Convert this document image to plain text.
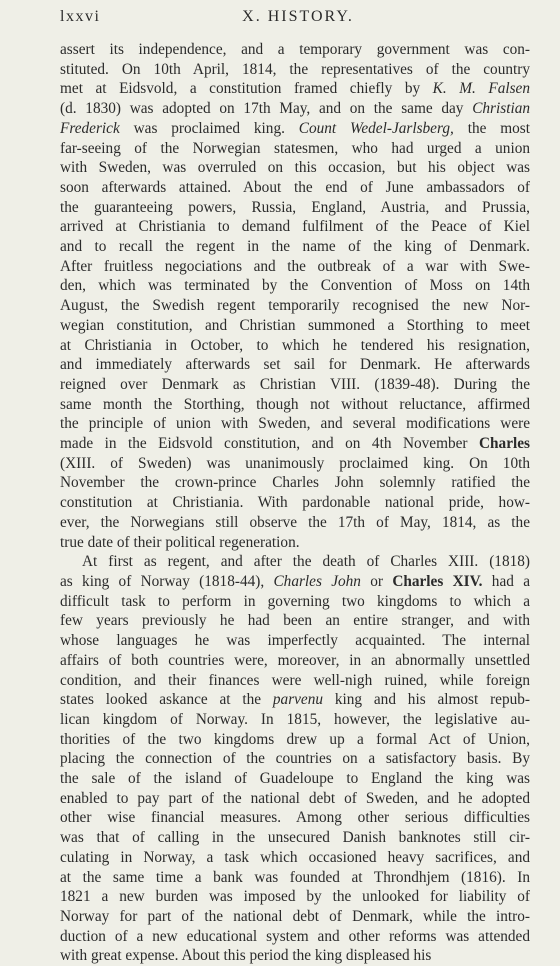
lxxvi	X. HISTORY.
assert its independence, and a temporary government was con-
stituted. On 10th April, 1814, the representatives of the country
met at Eidsvold, a constitution framed chiefly by K. M. Falsen
(d. 1830) was adopted on 17th May, and on the same day Christian
Frederick was proclaimed king. Count Wedel-Jarlsberg, the most
far-seeing of the Norwegian statesmen, who had urged a union
with Sweden, was overruled on this occasion, but his object was
soon afterwards attained. About the end of June ambassadors of
the guaranteeing powers, Russia, England, Austria, and Prussia,
arrived at Christiania to demand fulfilment of the Peace of Kiel
and to recall the regent in the name of the king of Denmark.
After fruitless negociations and the outbreak of a war with Swe-
den, which was terminated by the Convention of Moss on 14th
August, the Swedish regent temporarily recognised the new Nor-
wegian constitution, and Christian summoned a Storthing to meet
at Christiania in October, to which he tendered his resignation,
and immediately afterwards set sail for Denmark. He afterwards
reigned over Denmark as Christian VIII. (1839-48). During the
same month the Storthing, though not without reluctance, affirmed
the principle of union with Sweden, and several modifications were
made in the Eidsvold constitution, and on 4th November Charles
(XIII. of Sweden) was unanimously proclaimed king. On 10th
November the crown-prince Charles John solemnly ratified the
constitution at Christiania. With pardonable national pride, how-
ever, the Norwegians still observe the 17th of May, 1814, as the
true date of their political regeneration.
At first as regent, and after the death of Charles XIII. (1818)
as king of Norway (1818-44), Charles John or Charles XIV. had a
difficult task to perform in governing two kingdoms to which a
few years previously he had been an entire stranger, and with
whose languages he was imperfectly acquainted. The internal
affairs of both countries were, moreover, in an abnormally unsettled
condition, and their finances were well-nigh ruined, while foreign
states looked askance at the parvenu king and his almost repub-
lican kingdom of Norway. In 1815, however, the legislative au-
thorities of the two kingdoms drew up a formal Act of Union,
placing the connection of the countries on a satisfactory basis. By
the sale of the island of Guadeloupe to England the king was
enabled to pay part of the national debt of Sweden, and he adopted
other wise financial measures. Among other serious difficulties
was that of calling in the unsecured Danish banknotes still cir-
culating in Norway, a task which occasioned heavy sacrifices, and
at the same time a bank was founded at Throndhjem (1816). In
1821 a new burden was imposed by the unlooked for liability of
Norway for part of the national debt of Denmark, while the intro-
duction of a new educational system and other reforms was attended
with great expense. About this period the king displeased his
